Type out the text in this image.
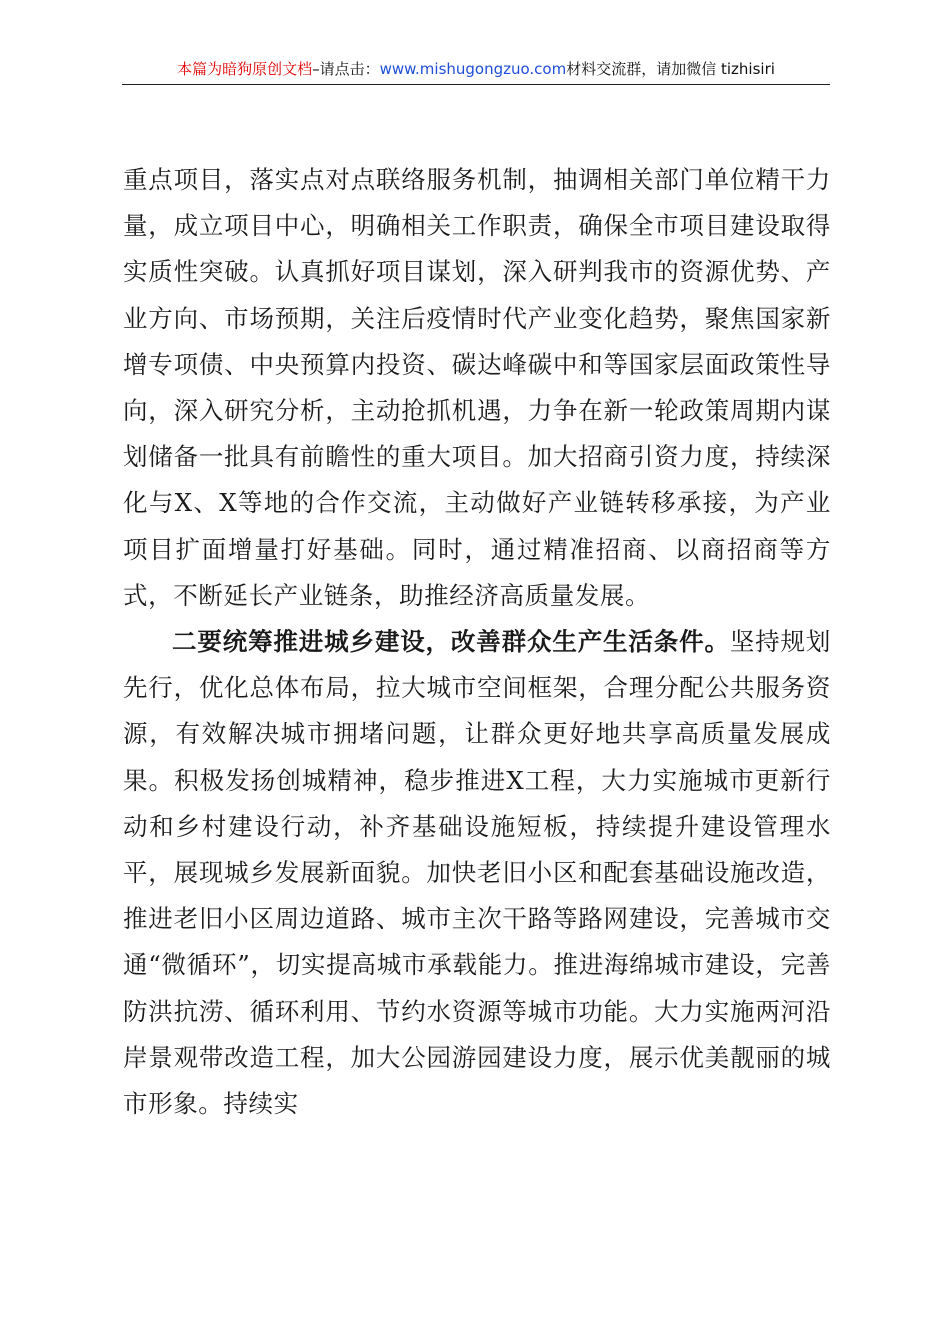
本篇为暗狗原创文档–请点击：www.mishugongzuo.com材料交流群，请加微信 tizhisiri

重点项目，落实点对点联络服务机制，抽调相关部门单位精干力量，成立项目中心，明确相关工作职责，确保全市项目建设取得实质性突破。认真抓好项目谋划，深入研判我市的资源优势、产业方向、市场预期，关注后疫情时代产业变化趋势，聚焦国家新增专项债、中央预算内投资、碳达峰碳中和等国家层面政策性导向，深入研究分析，主动抢抓机遇，力争在新一轮政策周期内谋划储备一批具有前瞻性的重大项目。加大招商引资力度，持续深化与X、X等地的合作交流，主动做好产业链转移承接，为产业项目扩面增量打好基础。同时，通过精准招商、以商招商等方式，不断延长产业链条，助推经济高质量发展。

二要统筹推进城乡建设，改善群众生产生活条件。坚持规划先行，优化总体布局，拉大城市空间框架，合理分配公共服务资源，有效解决城市拥堵问题，让群众更好地共享高质量发展成果。积极发扬创城精神，稳步推进X工程，大力实施城市更新行动和乡村建设行动，补齐基础设施短板，持续提升建设管理水平，展现城乡发展新面貌。加快老旧小区和配套基础设施改造，推进老旧小区周边道路、城市主次干路等路网建设，完善城市交通“微循环”，切实提高城市承载能力。推进海绵城市建设，完善防洪抗涝、循环利用、节约水资源等城市功能。大力实施两河沿岸景观带改造工程，加大公园游园建设力度，展示优美靓丽的城市形象。持续实
